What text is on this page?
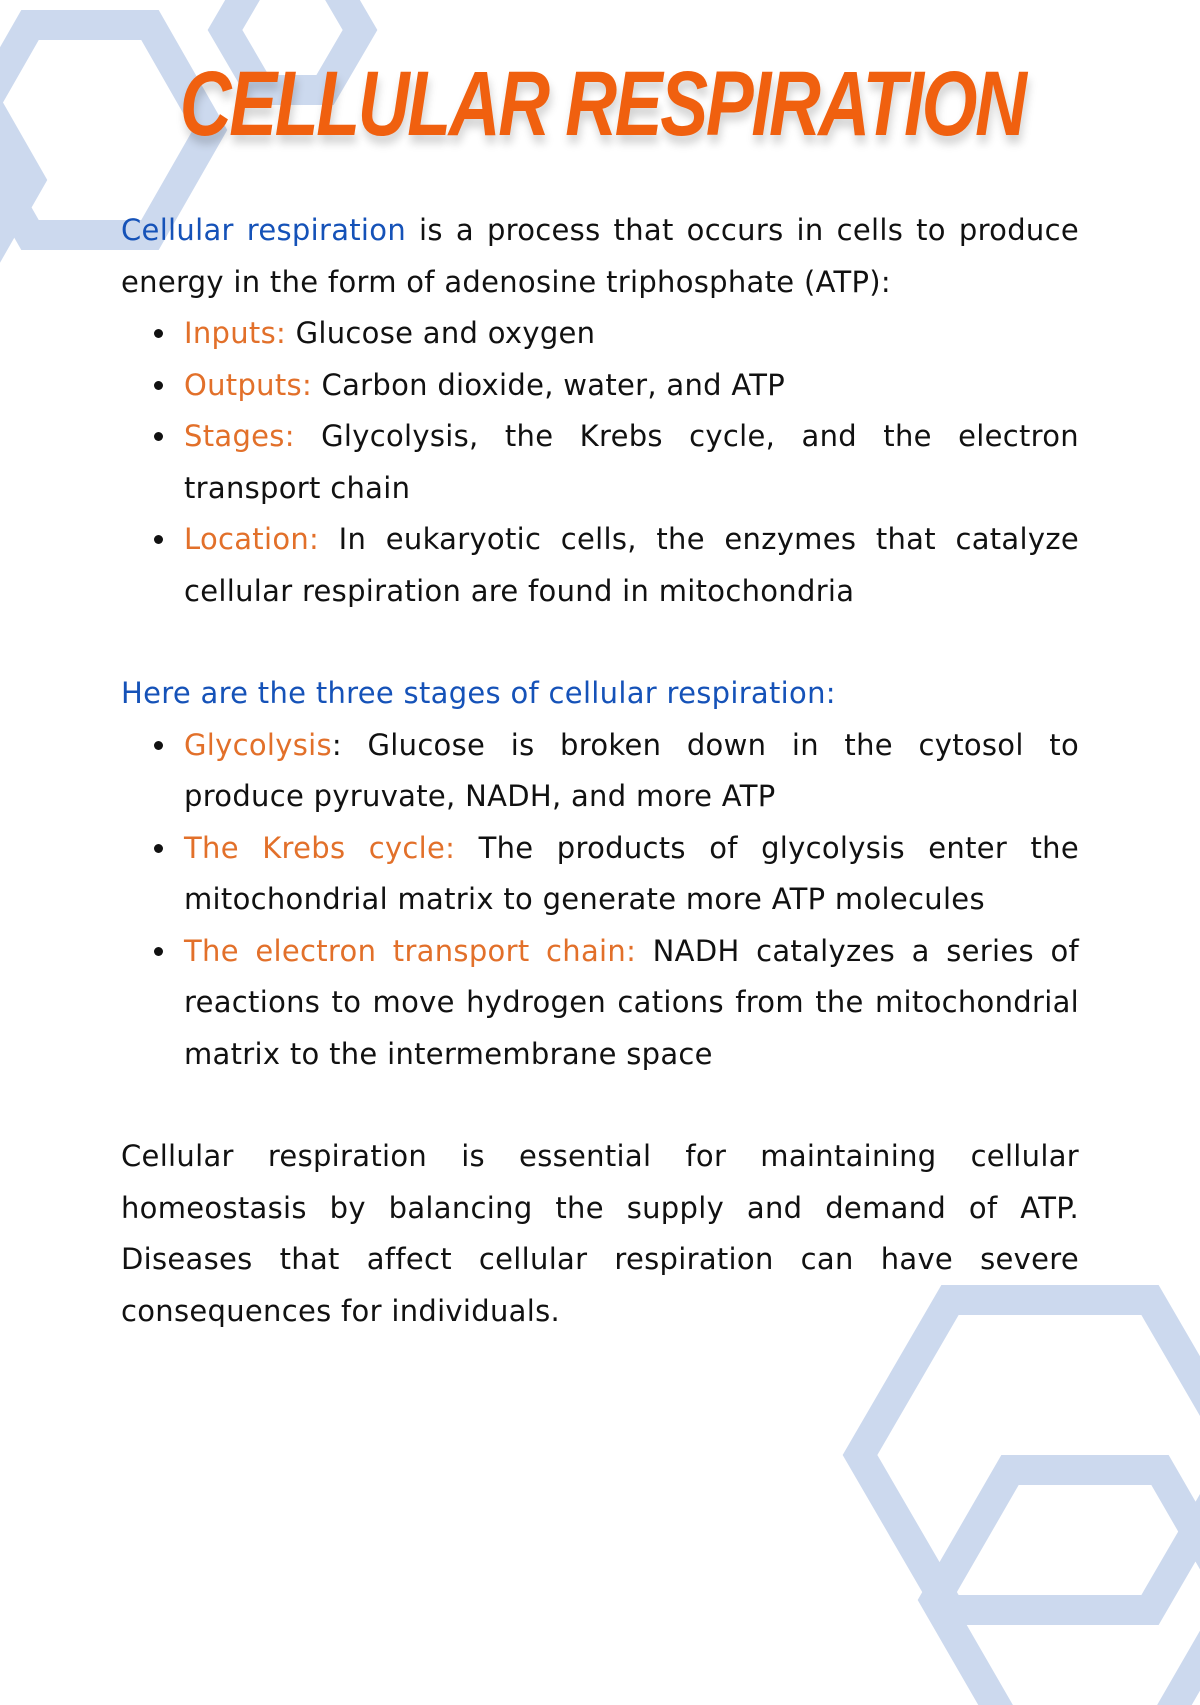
CELLULAR RESPIRATION

Cellular respiration is a process that occurs in cells to produce energy in the form of adenosine triphosphate (ATP):

Inputs: Glucose and oxygen
Outputs: Carbon dioxide, water, and ATP
Stages: Glycolysis, the Krebs cycle, and the electron transport chain
Location: In eukaryotic cells, the enzymes that catalyze cellular respiration are found in mitochondria

Here are the three stages of cellular respiration:

Glycolysis: Glucose is broken down in the cytosol to produce pyruvate, NADH, and more ATP
The Krebs cycle: The products of glycolysis enter the mitochondrial matrix to generate more ATP molecules
The electron transport chain: NADH catalyzes a series of reactions to move hydrogen cations from the mitochondrial matrix to the intermembrane space

Cellular respiration is essential for maintaining cellular homeostasis by balancing the supply and demand of ATP. Diseases that affect cellular respiration can have severe consequences for individuals.
